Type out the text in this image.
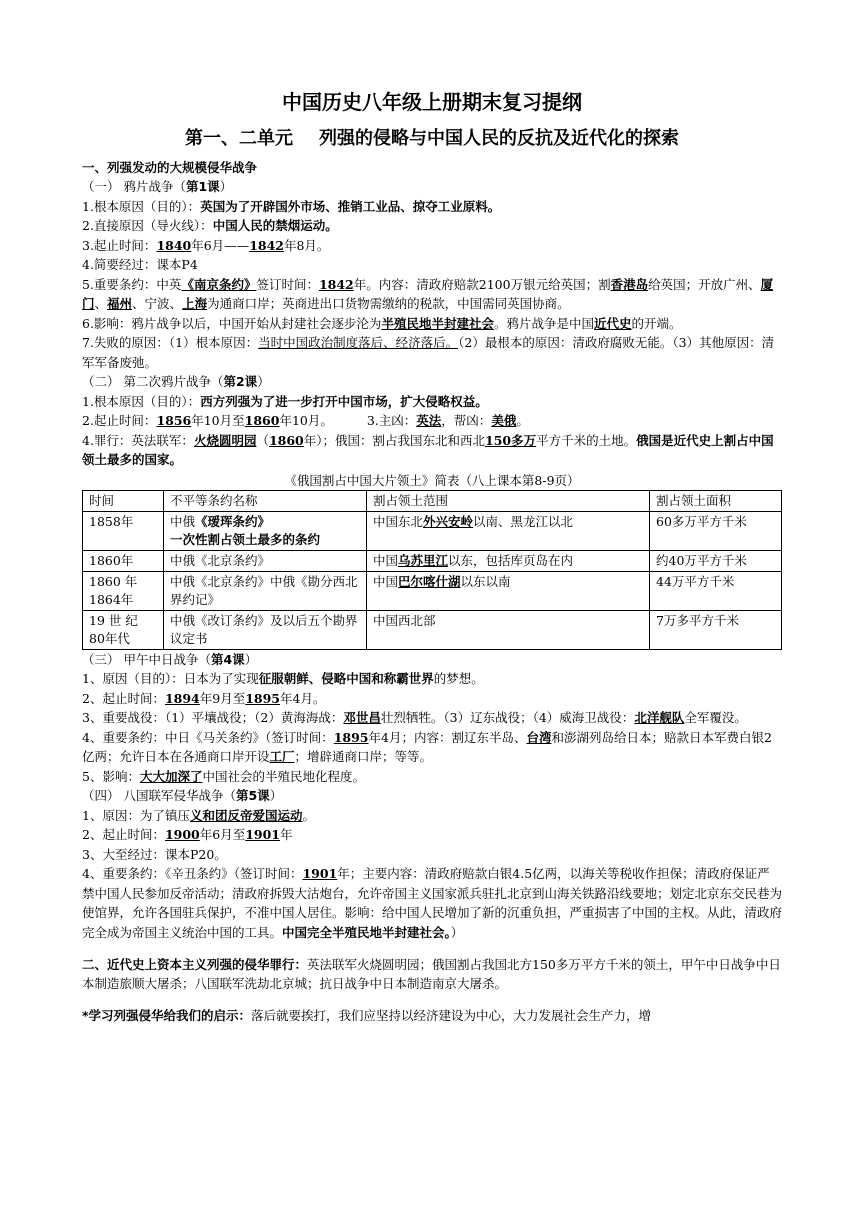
中国历史八年级上册期末复习提纲
第一、二单元 列强的侵略与中国人民的反抗及近代化的探索
一、列强发动的大规模侵华战争
（一） 鸦片战争（第1课）

1.根本原因（目的）：英国为了开辟国外市场、推销工业品、掠夺工业原料。

2.直接原因（导火线）：中国人民的禁烟运动。

3.起止时间：1840年6月——1842年8月。

4.简要经过：课本P4

5.重要条约：中英《南京条约》签订时间：1842年。内容：清政府赔款2100万银元给英国；割香港岛给英国；开放广州、厦门、福州、宁波、上海为通商口岸；英商进出口货物需缴纳的税款，中国需同英国协商。

6.影响：鸦片战争以后，中国开始从封建社会逐步沦为半殖民地半封建社会。鸦片战争是中国近代史的开端。

7.失败的原因：（1）根本原因：当时中国政治制度落后、经济落后。（2）最根本的原因：清政府腐败无能。（3）其他原因：清军军备废弛。

（二） 第二次鸦片战争（第2课）

1.根本原因（目的）：西方列强为了进一步打开中国市场，扩大侵略权益。

2.起止时间：1856年10月至1860年10月。	3.主凶：英法，帮凶：美俄。

4.罪行：英法联军：火烧圆明园（1860年）；俄国：割占我国东北和西北150多万平方千米的土地。俄国是近代史上割占中国领土最多的国家。

《俄国割占中国大片领土》简表（八上课本第8-9页）
时间	不平等条约名称	割占领土范围	割占领土面积
1858年	中俄《瑷珲条约》
一次性割占领土最多的条约	中国东北外兴安岭以南、黑龙江以北	60多万平方千米
1860年	中俄《北京条约》	中国乌苏里江以东，包括库页岛在内	约40万平方千米
1860 年 1864年	中俄《北京条约》中俄《勘分西北界约记》	中国巴尔喀什湖以东以南	44万平方千米
19 世 纪 80年代	中俄《改订条约》及以后五个勘界议定书	中国西北部	7万多平方千米
（三） 甲午中日战争（第4课）

1、原因（目的）：日本为了实现征服朝鲜、侵略中国和称霸世界的梦想。

2、起止时间：1894年9月至1895年4月。

3、重要战役：（1）平壤战役；（2）黄海海战：邓世昌壮烈牺牲。（3）辽东战役；（4）威海卫战役：北洋舰队全军覆没。

4、重要条约：中日《马关条约》（签订时间：1895年4月；内容：割辽东半岛、台湾和澎湖列岛给日本；赔款日本军费白银2亿两；允许日本在各通商口岸开设工厂；增辟通商口岸；等等。

5、影响：大大加深了中国社会的半殖民地化程度。

（四） 八国联军侵华战争（第5课）

1、原因：为了镇压义和团反帝爱国运动。

2、起止时间：1900年6月至1901年

3、大至经过：课本P20。

4、重要条约：《辛丑条约》（签订时间：1901年；主要内容：清政府赔款白银4.5亿两，以海关等税收作担保；清政府保证严禁中国人民参加反帝活动；清政府拆毁大沽炮台，允许帝国主义国家派兵驻扎北京到山海关铁路沿线要地；划定北京东交民巷为使馆界，允许各国驻兵保护，不准中国人居住。影响：给中国人民增加了新的沉重负担，严重损害了中国的主权。从此，清政府完全成为帝国主义统治中国的工具。中国完全半殖民地半封建社会。）

二、近代史上资本主义列强的侵华罪行：英法联军火烧圆明园；俄国割占我国北方150多万平方千米的领土，甲午中日战争中日本制造旅顺大屠杀；八国联军洗劫北京城；抗日战争中日本制造南京大屠杀。

*学习列强侵华给我们的启示：落后就要挨打，我们应坚持以经济建设为中心，大力发展社会生产力，增
